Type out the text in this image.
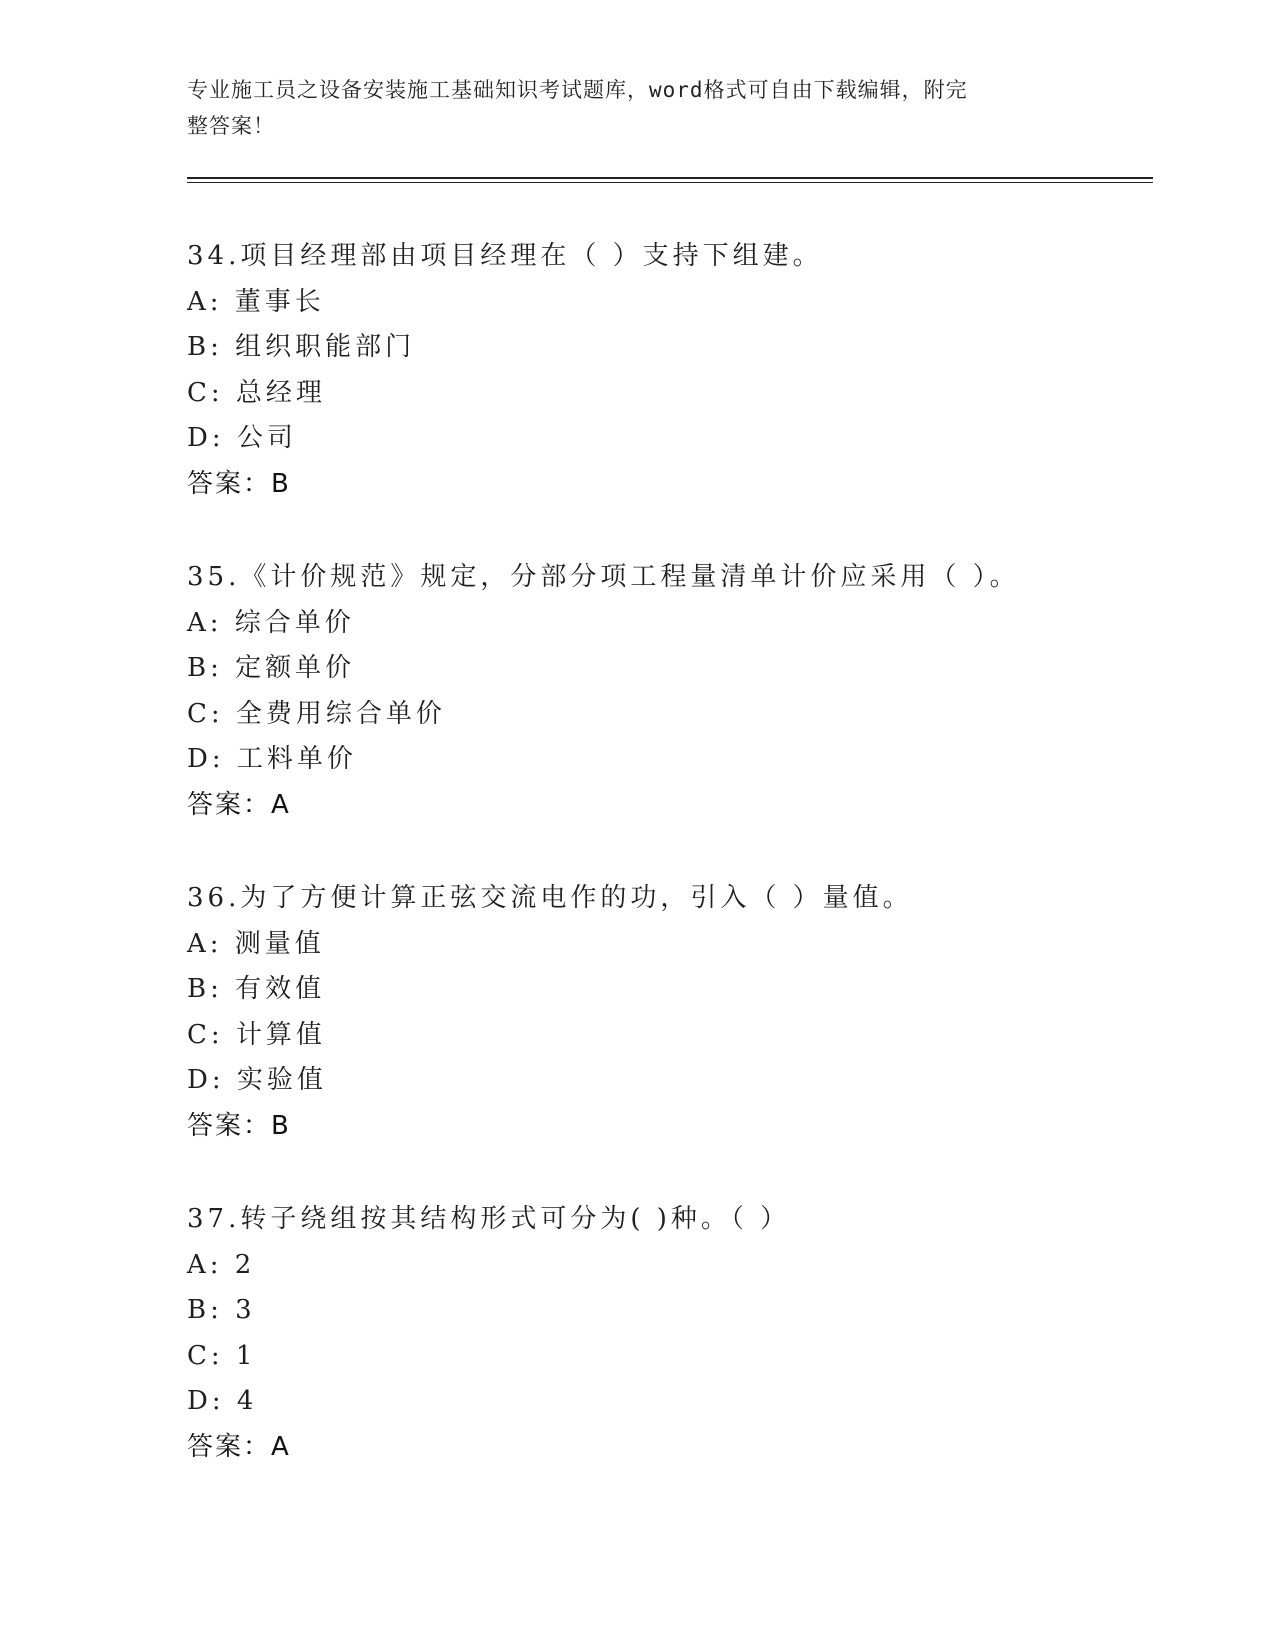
专业施工员之设备安装施工基础知识考试题库，word格式可自由下载编辑，附完
整答案！
34.项目经理部由项目经理在（ ）支持下组建。
A: 董事长
B: 组织职能部门
C: 总经理
D: 公司
答案：B
35.《计价规范》规定，分部分项工程量清单计价应采用（ ）。
A: 综合单价
B: 定额单价
C: 全费用综合单价
D: 工料单价
答案：A
36.为了方便计算正弦交流电作的功，引入（ ）量值。
A: 测量值
B: 有效值
C: 计算值
D: 实验值
答案：B
37.转子绕组按其结构形式可分为( )种。（ ）
A: 2
B: 3
C: 1
D: 4
答案：A
